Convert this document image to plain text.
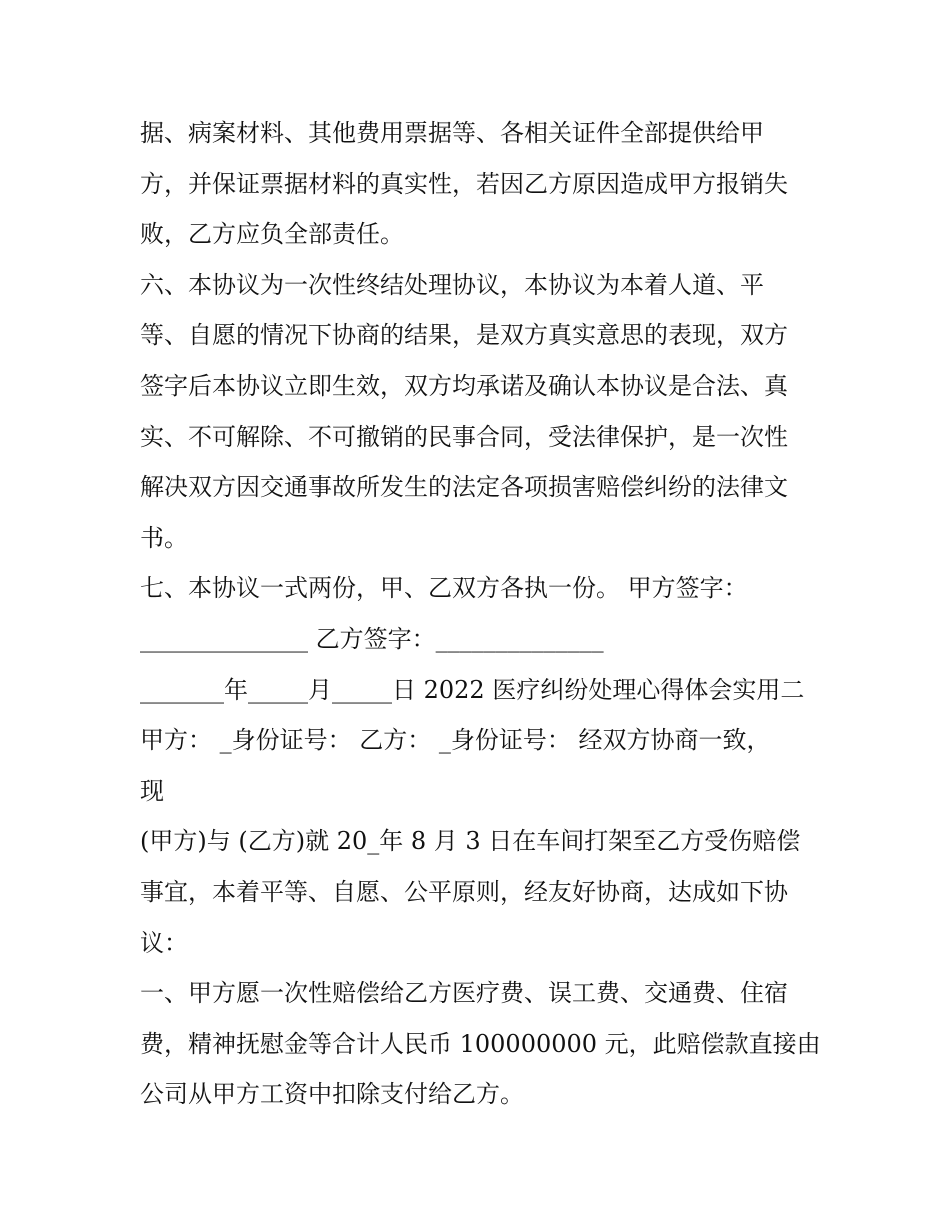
据、病案材料、其他费用票据等、各相关证件全部提供给甲
方，并保证票据材料的真实性，若因乙方原因造成甲方报销失
败，乙方应负全部责任。
六、本协议为一次性终结处理协议，本协议为本着人道、平
等、自愿的情况下协商的结果，是双方真实意思的表现，双方
签字后本协议立即生效，双方均承诺及确认本协议是合法、真
实、不可解除、不可撤销的民事合同，受法律保护，是一次性
解决双方因交通事故所发生的法定各项损害赔偿纠纷的法律文
书。
七、本协议一式两份，甲、乙双方各执一份。 甲方签字：
______________ 乙方签字：______________
_______年_____月_____日 2022 医疗纠纷处理心得体会实用二
甲方： _身份证号： 乙方： _身份证号： 经双方协商一致，
现
(甲方)与 (乙方)就 20_年 8 月 3 日在车间打架至乙方受伤赔偿
事宜，本着平等、自愿、公平原则，经友好协商，达成如下协
议：
一、甲方愿一次性赔偿给乙方医疗费、误工费、交通费、住宿
费，精神抚慰金等合计人民币 100000000 元，此赔偿款直接由
公司从甲方工资中扣除支付给乙方。
